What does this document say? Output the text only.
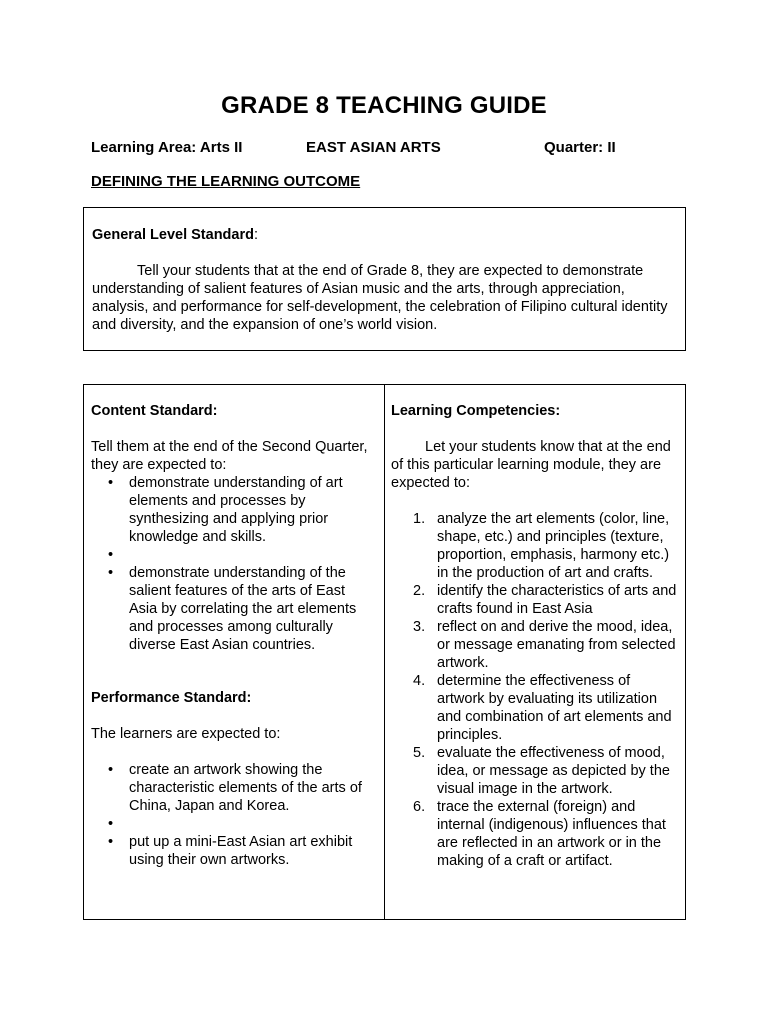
GRADE 8 TEACHING GUIDE
Learning Area: Arts II	EAST ASIAN ARTS	Quarter: II
DEFINING THE LEARNING OUTCOME
General Level Standard:

Tell your students that at the end of Grade 8, they are expected to demonstrate understanding of salient features of Asian music and the arts, through appreciation, analysis, and performance for self-development, the celebration of Filipino cultural identity and diversity, and the expansion of one’s world vision.

Content Standard:
Tell them at the end of the Second Quarter, they are expected to:
• demonstrate understanding of art elements and processes by synthesizing and applying prior knowledge and skills.
•
• demonstrate understanding of the salient features of the arts of East Asia by correlating the art elements and processes among culturally diverse East Asian countries.
Performance Standard:
The learners are expected to:
• create an artwork showing the characteristic elements of the arts of China, Japan and Korea.
•
• put up a mini-East Asian art exhibit using their own artworks.
Learning Competencies:
Let your students know that at the end of this particular learning module, they are expected to:
1. analyze the art elements (color, line, shape, etc.) and principles (texture, proportion, emphasis, harmony etc.) in the production of art and crafts.
2. identify the characteristics of arts and crafts found in East Asia
3. reflect on and derive the mood, idea, or message emanating from selected artwork.
4. determine the effectiveness of artwork by evaluating its utilization and combination of art elements and principles.
5. evaluate the effectiveness of mood, idea, or message as depicted by the visual image in the artwork.
6. trace the external (foreign) and internal (indigenous) influences that are reflected in an artwork or in the making of a craft or artifact.
